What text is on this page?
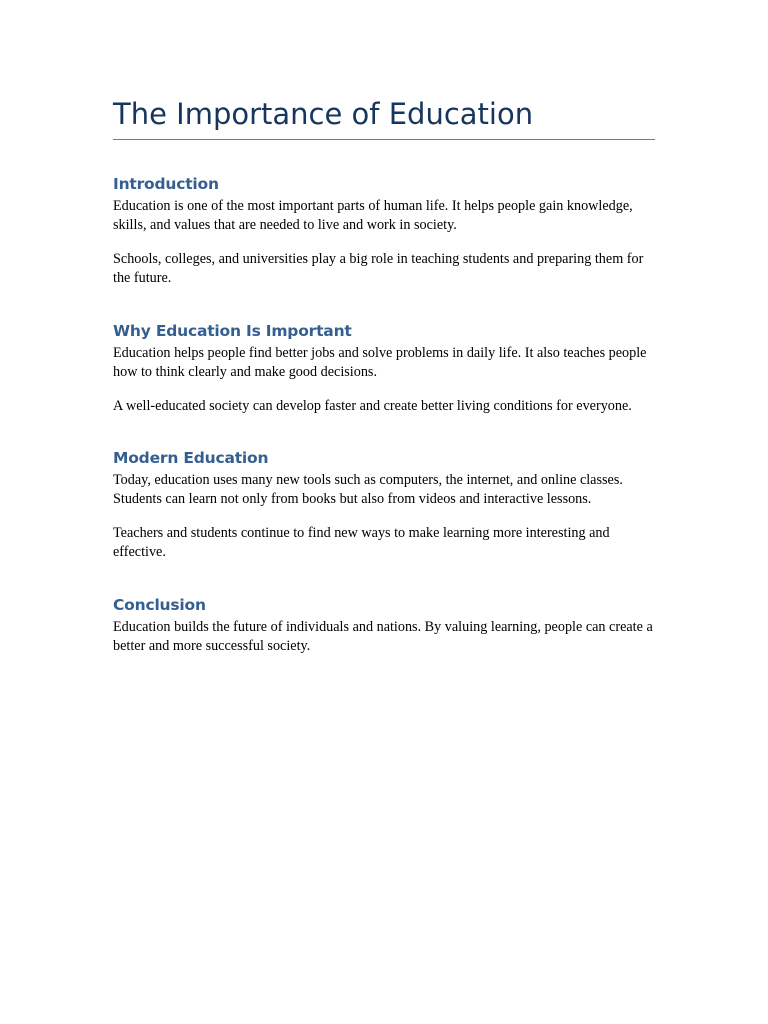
The Importance of Education
Introduction

Education is one of the most important parts of human life. It helps people gain knowledge, skills, and values that are needed to live and work in society.

Schools, colleges, and universities play a big role in teaching students and preparing them for the future.

Why Education Is Important

Education helps people find better jobs and solve problems in daily life. It also teaches people how to think clearly and make good decisions.

A well-educated society can develop faster and create better living conditions for everyone.

Modern Education

Today, education uses many new tools such as computers, the internet, and online classes. Students can learn not only from books but also from videos and interactive lessons.

Teachers and students continue to find new ways to make learning more interesting and effective.

Conclusion

Education builds the future of individuals and nations. By valuing learning, people can create a better and more successful society.
